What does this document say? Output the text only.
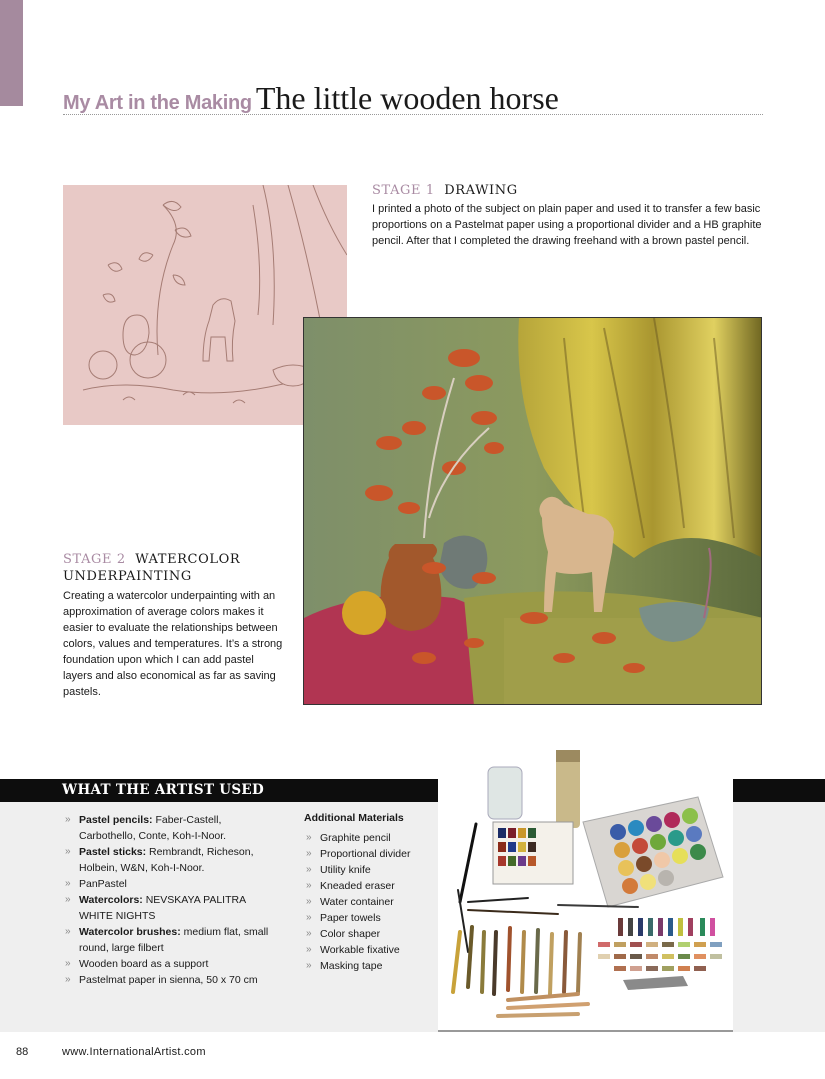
My Art in the Making The little wooden horse
STAGE 1 DRAWING
I printed a photo of the subject on plain paper and used it to transfer a few basic proportions on a Pastelmat paper using a proportional divider and a HB graphite pencil. After that I completed the drawing freehand with a brown pastel pencil.
STAGE 2 WATERCOLOR
UNDERPAINTING
Creating a watercolor underpainting with an approximation of average colors makes it easier to evaluate the relationships between colors, values and temperatures. It’s a strong foundation upon which I can add pastel layers and also economical as far as saving pastels.
WHAT THE ARTIST USED
» Pastel pencils: Faber-Castell, Carbothello, Conte, Koh-I-Noor.
» Pastel sticks: Rembrandt, Richeson, Holbein, W&N, Koh-I-Noor.
» PanPastel
» Watercolors: NEVSKAYA PALITRA WHITE NIGHTS
» Watercolor brushes: medium flat, small round, large filbert
» Wooden board as a support
» Pastelmat paper in sienna, 50 x 70 cm
Additional Materials
» Graphite pencil
» Proportional divider
» Utility knife
» Kneaded eraser
» Water container
» Paper towels
» Color shaper
» Workable fixative
» Masking tape
88	www.InternationalArtist.com
